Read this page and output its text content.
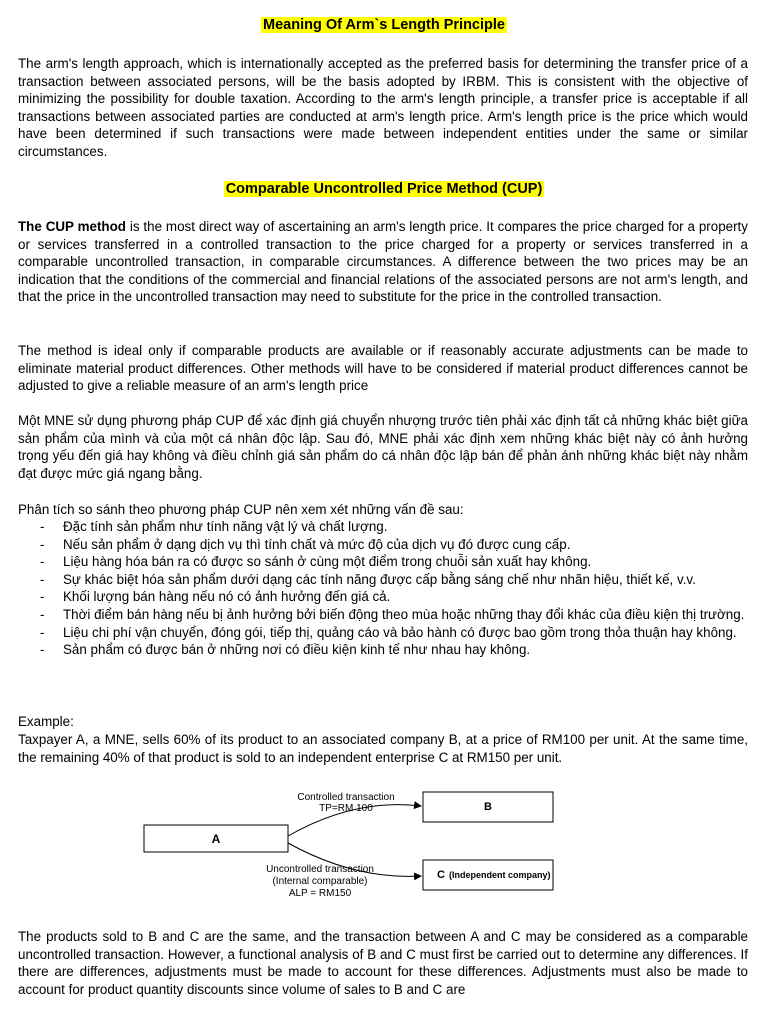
Meaning Of Arm`s Length Principle

The arm's length approach, which is internationally accepted as the preferred basis for determining the transfer price of a transaction between associated persons, will be the basis adopted by IRBM. This is consistent with the objective of minimizing the possibility for double taxation. According to the arm's length principle, a transfer price is acceptable if all transactions between associated parties are conducted at arm's length price. Arm's length price is the price which would have been determined if such transactions were made between independent entities under the same or similar circumstances.

Comparable Uncontrolled Price Method (CUP)

The CUP method is the most direct way of ascertaining an arm's length price. It compares the price charged for a property or services transferred in a controlled transaction to the price charged for a property or services transferred in a comparable uncontrolled transaction, in comparable circumstances. A difference between the two prices may be an indication that the conditions of the commercial and financial relations of the associated persons are not arm's length, and that the price in the uncontrolled transaction may need to substitute for the price in the controlled transaction.

The method is ideal only if comparable products are available or if reasonably accurate adjustments can be made to eliminate material product differences. Other methods will have to be considered if material product differences cannot be adjusted to give a reliable measure of an arm's length price

Một MNE sử dụng phương pháp CUP để xác định giá chuyển nhượng trước tiên phải xác định tất cả những khác biệt giữa sản phẩm của mình và của một cá nhân độc lập. Sau đó, MNE phải xác định xem những khác biệt này có ảnh hưởng trọng yếu đến giá hay không và điều chỉnh giá sản phẩm do cá nhân độc lập bán để phản ánh những khác biệt này nhằm đạt được mức giá ngang bằng.

Phân tích so sánh theo phương pháp CUP nên xem xét những vấn đề sau:

- Đặc tính sản phẩm như tính năng vật lý và chất lượng.
- Nếu sản phẩm ở dạng dịch vụ thì tính chất và mức độ của dịch vụ đó được cung cấp.
- Liệu hàng hóa bán ra có được so sánh ở cùng một điểm trong chuỗi sản xuất hay không.
- Sự khác biệt hóa sản phẩm dưới dạng các tính năng được cấp bằng sáng chế như nhãn hiệu, thiết kế, v.v.
- Khối lượng bán hàng nếu nó có ảnh hưởng đến giá cả.
- Thời điểm bán hàng nếu bị ảnh hưởng bởi biến động theo mùa hoặc những thay đổi khác của điều kiện thị trường.
- Liệu chi phí vận chuyển, đóng gói, tiếp thị, quảng cáo và bảo hành có được bao gồm trong thỏa thuận hay không.
- Sản phẩm có được bán ở những nơi có điều kiện kinh tế như nhau hay không.

Example:

Taxpayer A, a MNE, sells 60% of its product to an associated company B, at a price of RM100 per unit. At the same time, the remaining 40% of that product is sold to an independent enterprise C at RM150 per unit.

A
B
C (Independent company)
Controlled transaction
TP=RM 100
Uncontrolled transaction
(Internal comparable)
ALP = RM150

The products sold to B and C are the same, and the transaction between A and C may be considered as a comparable uncontrolled transaction. However, a functional analysis of B and C must first be carried out to determine any differences. If there are differences, adjustments must be made to account for these differences. Adjustments must also be made to account for product quantity discounts since volume of sales to B and C are
